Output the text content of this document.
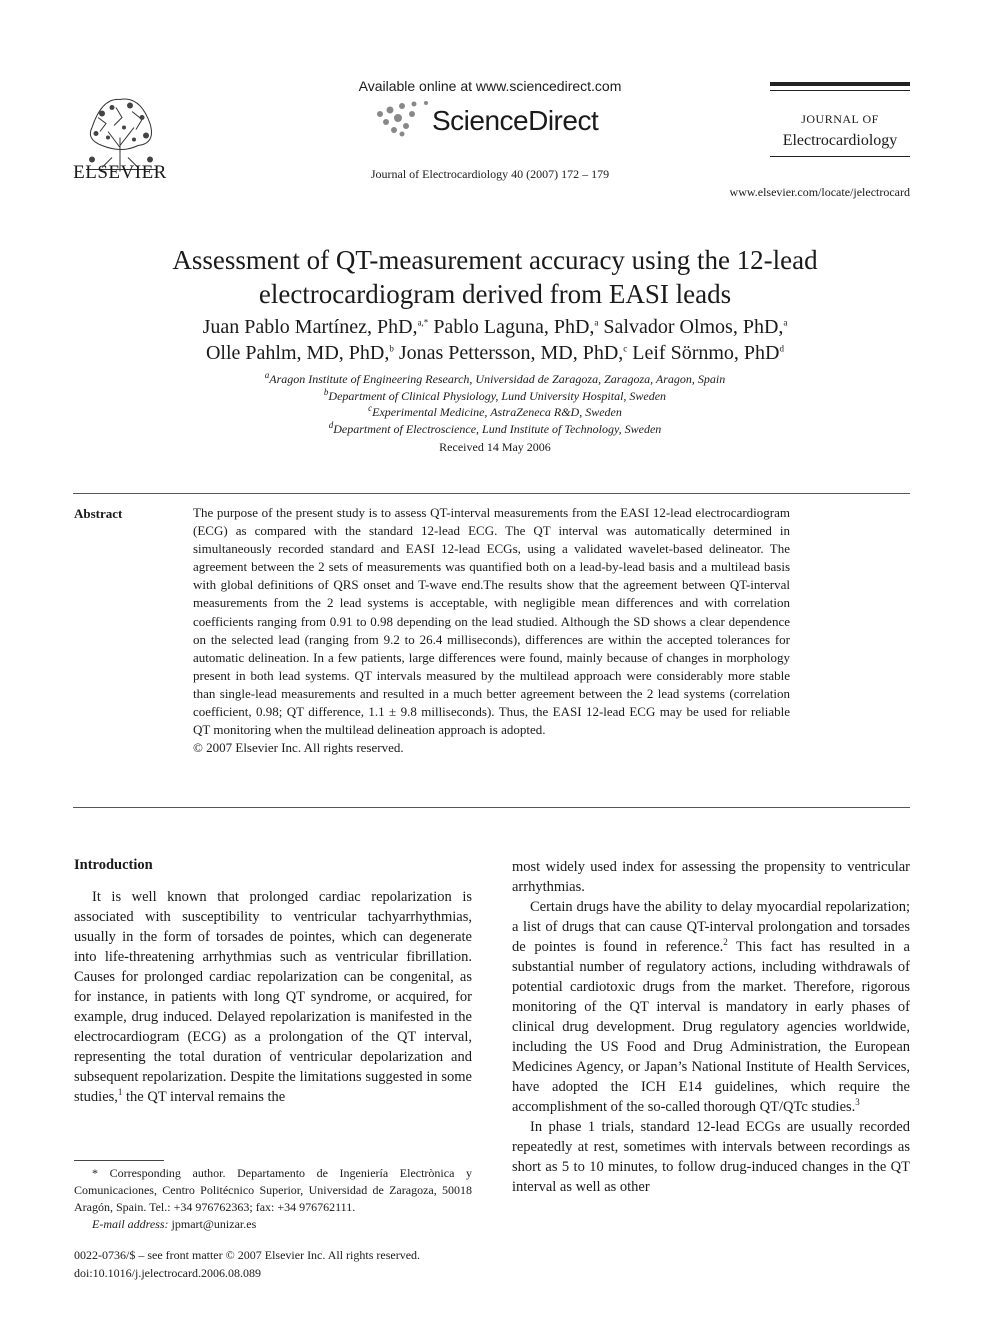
ELSEVIER
Available online at www.sciencedirect.com
ScienceDirect
Journal of Electrocardiology 40 (2007) 172 – 179
JOURNAL OF
Electrocardiology
www.elsevier.com/locate/jelectrocard
Assessment of QT-measurement accuracy using the 12-lead
electrocardiogram derived from EASI leads
Juan Pablo Martínez, PhD,$^{a,*}$ Pablo Laguna, PhD,$^a$ Salvador Olmos, PhD,$^a$
Olle Pahlm, MD, PhD,$^b$ Jonas Pettersson, MD, PhD,$^c$ Leif Sörnmo, PhD$^d$
$^a$Aragon Institute of Engineering Research, Universidad de Zaragoza, Zaragoza, Aragon, Spain
$^b$Department of Clinical Physiology, Lund University Hospital, Sweden
$^c$Experimental Medicine, AstraZeneca R&D, Sweden
$^d$Department of Electroscience, Lund Institute of Technology, Sweden
Received 14 May 2006
Abstract	The purpose of the present study is to assess QT-interval measurements from the EASI 12-lead electrocardiogram (ECG) as compared with the standard 12-lead ECG. The QT interval was automatically determined in simultaneously recorded standard and EASI 12-lead ECGs, using a validated wavelet-based delineator. The agreement between the 2 sets of measurements was quantified both on a lead-by-lead basis and a multilead basis with global definitions of QRS onset and T-wave end.The results show that the agreement between QT-interval measurements from the 2 lead systems is acceptable, with negligible mean differences and with correlation coefficients ranging from 0.91 to 0.98 depending on the lead studied. Although the SD shows a clear dependence on the selected lead (ranging from 9.2 to 26.4 milliseconds), differences are within the accepted tolerances for automatic delineation. In a few patients, large differences were found, mainly because of changes in morphology present in both lead systems. QT intervals measured by the multilead approach were considerably more stable than single-lead measurements and resulted in a much better agreement between the 2 lead systems (correlation coefficient, 0.98; QT difference, 1.1 ± 9.8 milliseconds). Thus, the EASI 12-lead ECG may be used for reliable QT monitoring when the multilead delineation approach is adopted.
© 2007 Elsevier Inc. All rights reserved.
Introduction

It is well known that prolonged cardiac repolarization is associated with susceptibility to ventricular tachyarrhythmias, usually in the form of torsades de pointes, which can degenerate into life-threatening arrhythmias such as ventricular fibrillation. Causes for prolonged cardiac repolarization can be congenital, as for instance, in patients with long QT syndrome, or acquired, for example, drug induced. Delayed repolarization is manifested in the electrocardiogram (ECG) as a prolongation of the QT interval, representing the total duration of ventricular depolarization and subsequent repolarization. Despite the limitations suggested in some studies,$^1$ the QT interval remains the

most widely used index for assessing the propensity to ventricular arrhythmias.

Certain drugs have the ability to delay myocardial repolarization; a list of drugs that can cause QT-interval prolongation and torsades de pointes is found in reference.$^2$ This fact has resulted in a substantial number of regulatory actions, including withdrawals of potential cardiotoxic drugs from the market. Therefore, rigorous monitoring of the QT interval is mandatory in early phases of clinical drug development. Drug regulatory agencies worldwide, including the US Food and Drug Administration, the European Medicines Agency, or Japan’s National Institute of Health Services, have adopted the ICH E14 guidelines, which require the accomplishment of the so-called thorough QT/QTc studies.$^3$

In phase 1 trials, standard 12-lead ECGs are usually recorded repeatedly at rest, sometimes with intervals between recordings as short as 5 to 10 minutes, to follow drug-induced changes in the QT interval as well as other

* Corresponding author. Departamento de Ingeniería Electrònica y Comunicaciones, Centro Politécnico Superior, Universidad de Zaragoza, 50018 Aragón, Spain. Tel.: +34 976762363; fax: +34 976762111.

E-mail address: jpmart@unizar.es

0022-0736/$ – see front matter © 2007 Elsevier Inc. All rights reserved.
doi:10.1016/j.jelectrocard.2006.08.089
